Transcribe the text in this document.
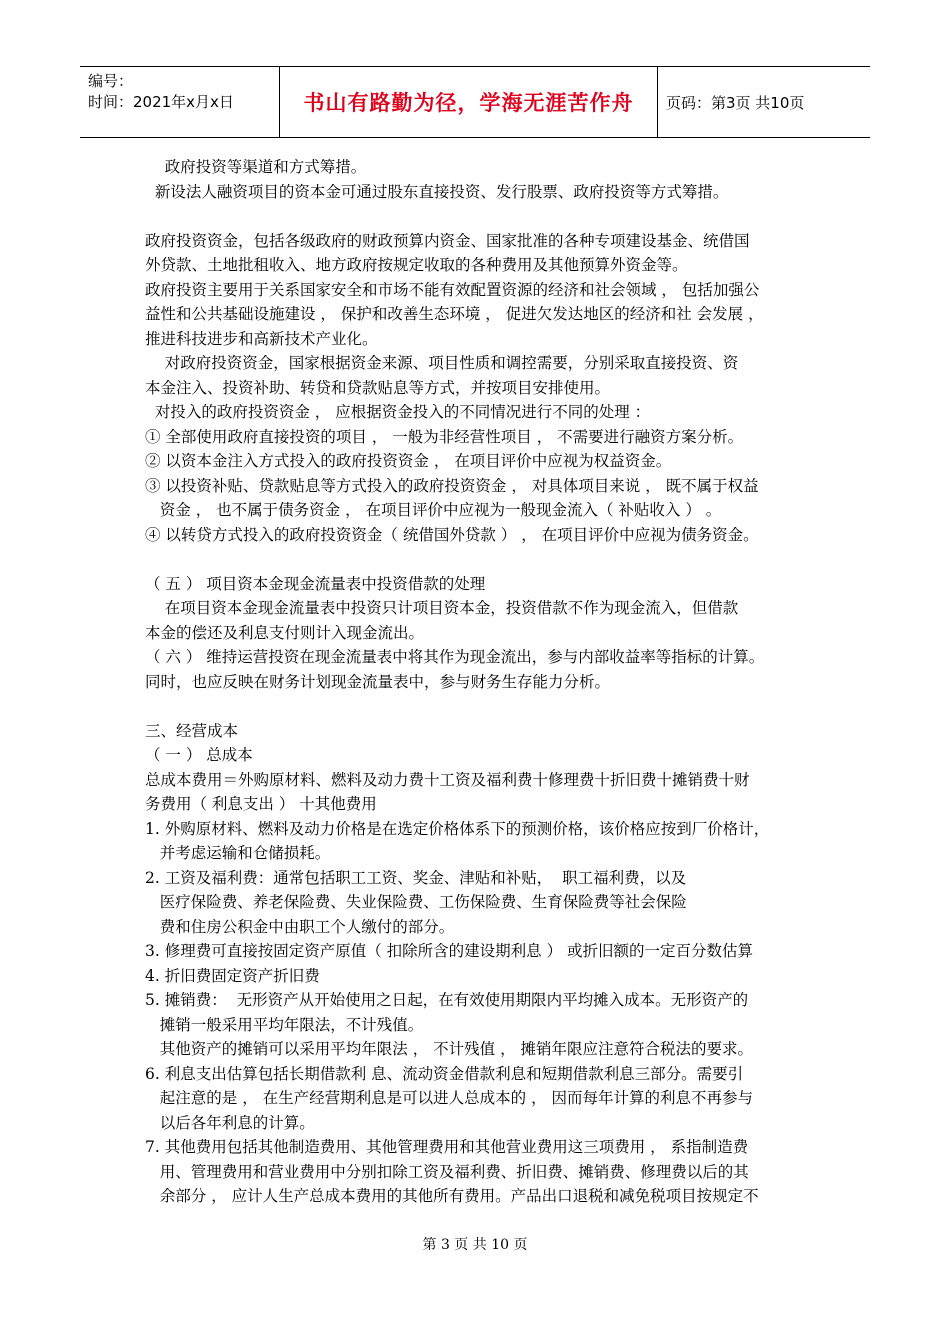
编号：
时间：2021年x月x日	书山有路勤为径，学海无涯苦作舟	页码：第3页 共10页

政府投资等渠道和方式筹措。

新设法人融资项目的资本金可通过股东直接投资、发行股票、政府投资等方式筹措。

政府投资资金，包括各级政府的财政预算内资金、国家批准的各种专项建设基金、统借国

外贷款、土地批租收入、地方政府按规定收取的各种费用及其他预算外资金等。

政府投资主要用于关系国家安全和市场不能有效配置资源的经济和社会领域 ， 包括加强公

益性和公共基础设施建设 ， 保护和改善生态环境 ， 促进欠发达地区的经济和社 会发展 ，

推进科技进步和高新技术产业化。

对政府投资资金，国家根据资金来源、项目性质和调控需要，分别采取直接投资、资

本金注入、投资补助、转贷和贷款贴息等方式，并按项目安排使用。

对投入的政府投资资金 ， 应根据资金投入的不同情况进行不同的处理 ：

① 全部使用政府直接投资的项目 ， 一般为非经营性项目 ， 不需要进行融资方案分析。

② 以资本金注入方式投入的政府投资资金 ， 在项目评价中应视为权益资金。

③ 以投资补贴、贷款贴息等方式投入的政府投资资金 ， 对具体项目来说 ， 既不属于权益

资金 ， 也不属于债务资金 ， 在项目评价中应视为一般现金流入（ 补贴收入 ） 。

④ 以转贷方式投入的政府投资资金（ 统借国外贷款 ） ， 在项目评价中应视为债务资金。

（ 五 ） 项目资本金现金流量表中投资借款的处理

在项目资本金现金流量表中投资只计项目资本金，投资借款不作为现金流入，但借款

本金的偿还及利息支付则计入现金流出。

（ 六 ） 维持运营投资在现金流量表中将其作为现金流出，参与内部收益率等指标的计算。

同时，也应反映在财务计划现金流量表中，参与财务生存能力分析。

三、经营成本

（ 一 ） 总成本

总成本费用＝外购原材料、燃料及动力费十工资及福利费十修理费十折旧费十摊销费十财

务费用（ 利息支出 ） 十其他费用

1. 外购原材料、燃料及动力价格是在选定价格体系下的预测价格，该价格应按到厂价格计，

并考虑运输和仓储损耗。

2. 工资及福利费：通常包括职工工资、奖金、津贴和补贴，  职工福利费，以及

医疗保险费、养老保险费、失业保险费、工伤保险费、生育保险费等社会保险

费和住房公积金中由职工个人缴付的部分。

3. 修理费可直接按固定资产原值（ 扣除所含的建设期利息 ） 或折旧额的一定百分数估算

4. 折旧费固定资产折旧费

5. 摊销费：  无形资产从开始使用之日起，在有效使用期限内平均摊入成本。无形资产的

摊销一般采用平均年限法，不计残值。

其他资产的摊销可以采用平均年限法 ， 不计残值 ， 摊销年限应注意符合税法的要求。

6. 利息支出估算包括长期借款利 息、流动资金借款利息和短期借款利息三部分。需要引

起注意的是 ， 在生产经营期利息是可以进人总成本的 ， 因而每年计算的利息不再参与

以后各年利息的计算。

7. 其他费用包括其他制造费用、其他管理费用和其他营业费用这三项费用 ， 系指制造费

用、管理费用和营业费用中分别扣除工资及福利费、折旧费、摊销费、修理费以后的其

余部分 ， 应计人生产总成本费用的其他所有费用。产品出口退税和减免税项目按规定不

第 3 页 共 10 页
